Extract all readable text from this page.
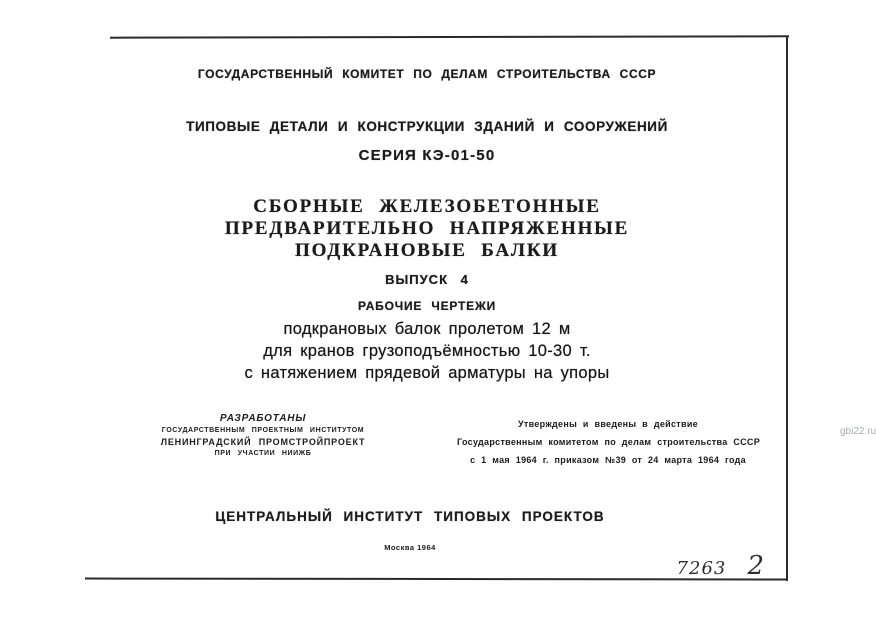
ГОСУДАРСТВЕННЫЙ КОМИТЕТ ПО ДЕЛАМ СТРОИТЕЛЬСТВА СССР
ТИПОВЫЕ ДЕТАЛИ И КОНСТРУКЦИИ ЗДАНИЙ И СООРУЖЕНИЙ
СЕРИЯ КЭ-01-50
СБОРНЫЕ ЖЕЛЕЗОБЕТОННЫЕ
ПРЕДВАРИТЕЛЬНО НАПРЯЖЕННЫЕ
ПОДКРАНОВЫЕ БАЛКИ
ВЫПУСК 4
РАБОЧИЕ ЧЕРТЕЖИ
подкрановых балок пролетом 12 м
для кранов грузоподъёмностью 10-30 т.
с натяжением прядевой арматуры на упоры
РАЗРАБОТАНЫ
ГОСУДАРСТВЕННЫМ ПРОЕКТНЫМ ИНСТИТУТОМ
ЛЕНИНГРАДСКИЙ ПРОМСТРОЙПРОЕКТ
ПРИ УЧАСТИИ НИИЖБ
Утверждены и введены в действие
Государственным комитетом по делам строительства СССР
с 1 мая 1964 г. приказом №39 от 24 марта 1964 года
ЦЕНТРАЛЬНЫЙ ИНСТИТУТ ТИПОВЫХ ПРОЕКТОВ
Москва 1964
7263 2
gbi22.ru
